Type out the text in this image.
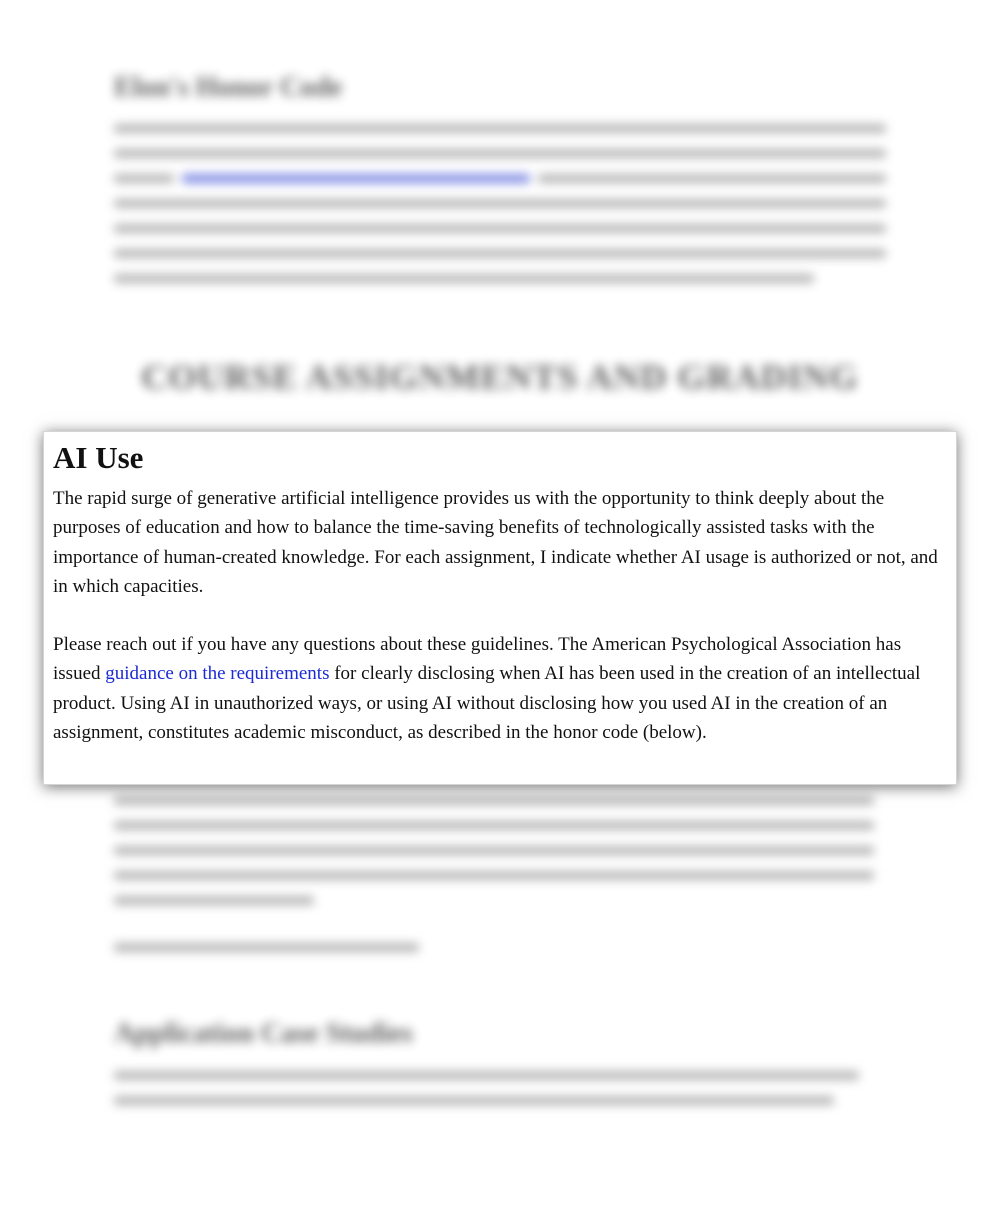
Elon's Honor Code
COURSE ASSIGNMENTS AND GRADING
Application Case Studies
AI Use

The rapid surge of generative artificial intelligence provides us with the opportunity to think deeply about the purposes of education and how to balance the time-saving benefits of technologically assisted tasks with the importance of human-created knowledge. For each assignment, I indicate whether AI usage is authorized or not, and in which capacities.

Please reach out if you have any questions about these guidelines. The American Psychological Association has issued guidance on the requirements for clearly disclosing when AI has been used in the creation of an intellectual product. Using AI in unauthorized ways, or using AI without disclosing how you used AI in the creation of an assignment, constitutes academic misconduct, as described in the honor code (below).
